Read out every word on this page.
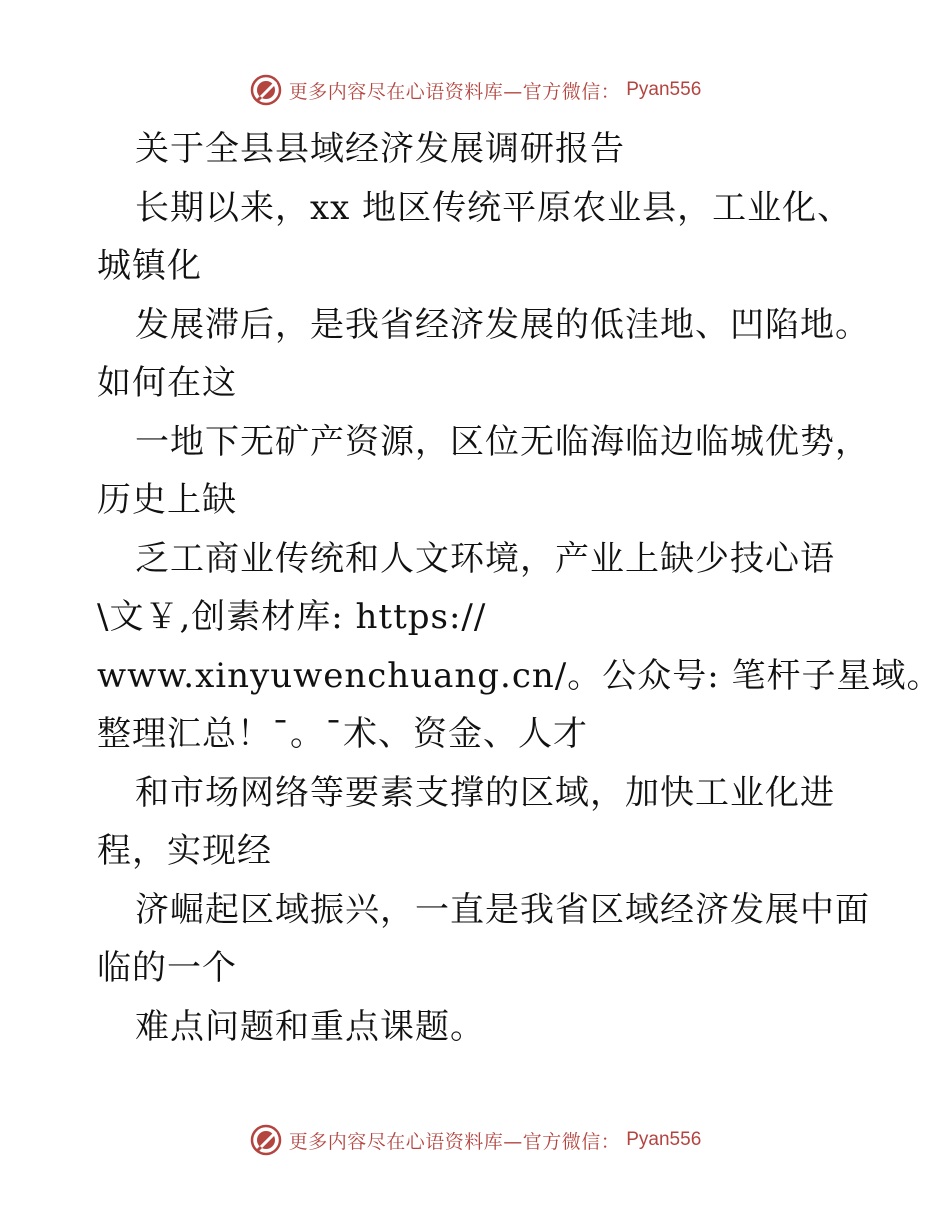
更多内容尽在心语资料库—官方微信： Pyan556
关于全县县域经济发展调研报告
长期以来，xx 地区传统平原农业县，工业化、
城镇化
发展滞后，是我省经济发展的低洼地、凹陷地。
如何在这
一地下无矿产资源，区位无临海临边临城优势，
历史上缺
乏工商业传统和人文环境，产业上缺少技心语
\文￥,创素材库: https://
www.xinyuwenchuang.cn/。公众号: 笔杆子星域。
整理汇总！¯。¯术、资金、人才
和市场网络等要素支撑的区域，加快工业化进
程，实现经
济崛起区域振兴，一直是我省区域经济发展中面
临的一个
难点问题和重点课题。
更多内容尽在心语资料库—官方微信： Pyan556
